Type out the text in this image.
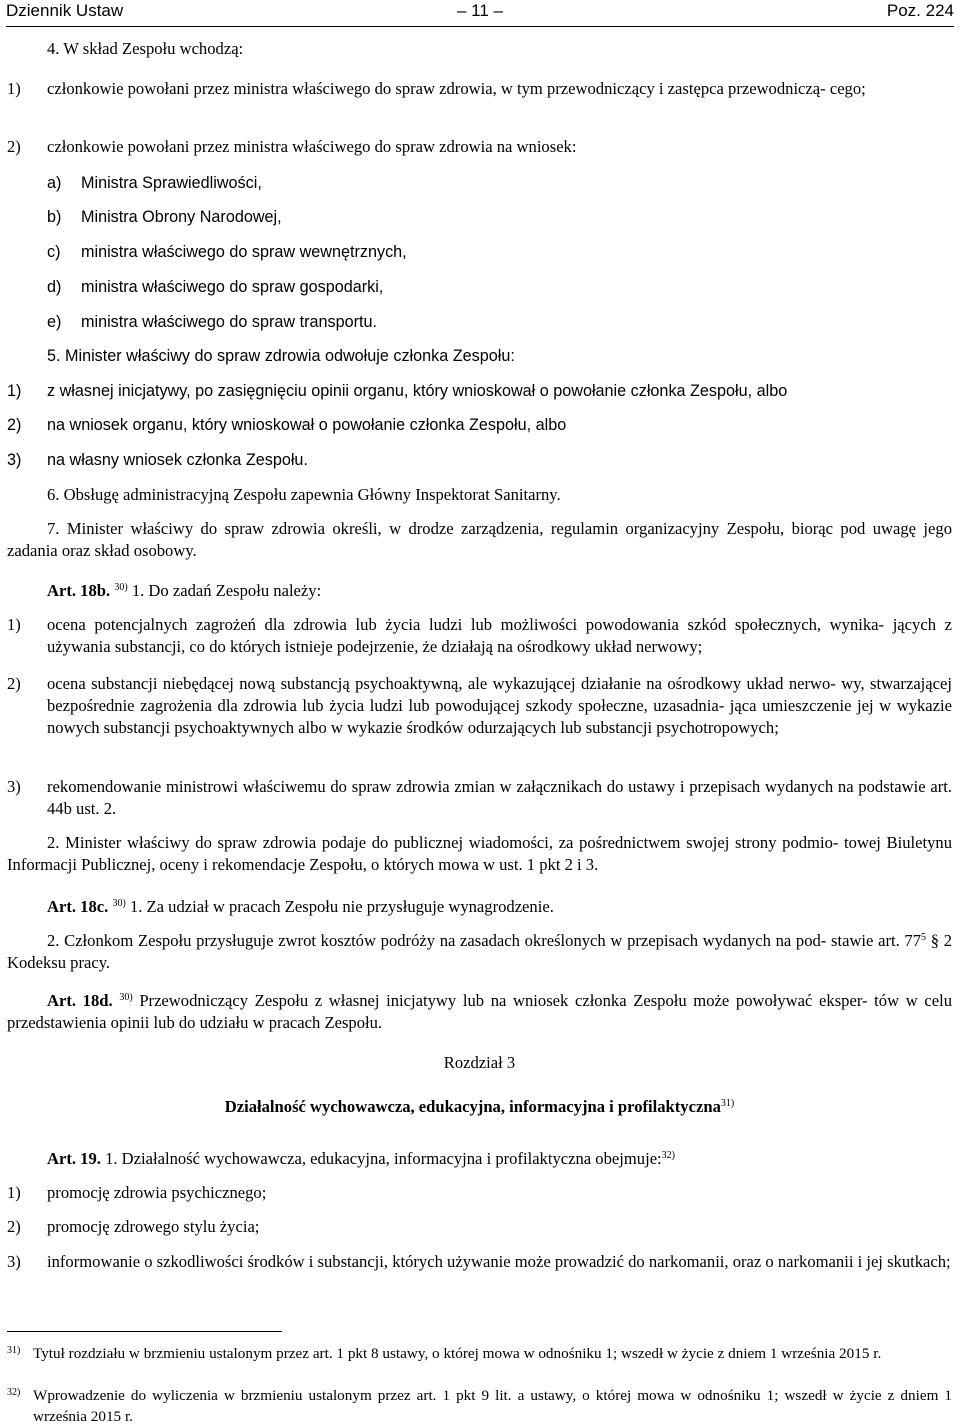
Dziennik Ustaw	– 11 –	Poz. 224
4. W skład Zespołu wchodzą:
1) członkowie powołani przez ministra właściwego do spraw zdrowia, w tym przewodniczący i zastępca przewodniczą- cego;
2) członkowie powołani przez ministra właściwego do spraw zdrowia na wniosek:
a) Ministra Sprawiedliwości,
b) Ministra Obrony Narodowej,
c) ministra właściwego do spraw wewnętrznych,
d) ministra właściwego do spraw gospodarki,
e) ministra właściwego do spraw transportu.
5. Minister właściwy do spraw zdrowia odwołuje członka Zespołu:
1) z własnej inicjatywy, po zasięgnięciu opinii organu, który wnioskował o powołanie członka Zespołu, albo
2) na wniosek organu, który wnioskował o powołanie członka Zespołu, albo
3) na własny wniosek członka Zespołu.
6. Obsługę administracyjną Zespołu zapewnia Główny Inspektorat Sanitarny.
7. Minister właściwy do spraw zdrowia określi, w drodze zarządzenia, regulamin organizacyjny Zespołu, biorąc pod uwagę jego zadania oraz skład osobowy.
Art. 18b. $^{30)}$ 1. Do zadań Zespołu należy:
1) ocena potencjalnych zagrożeń dla zdrowia lub życia ludzi lub możliwości powodowania szkód społecznych, wynika- jących z używania substancji, co do których istnieje podejrzenie, że działają na ośrodkowy układ nerwowy;
2) ocena substancji niebędącej nową substancją psychoaktywną, ale wykazującej działanie na ośrodkowy układ nerwo- wy, stwarzającej bezpośrednie zagrożenia dla zdrowia lub życia ludzi lub powodującej szkody społeczne, uzasadnia- jąca umieszczenie jej w wykazie nowych substancji psychoaktywnych albo w wykazie środków odurzających lub substancji psychotropowych;
3) rekomendowanie ministrowi właściwemu do spraw zdrowia zmian w załącznikach do ustawy i przepisach wydanych na podstawie art. 44b ust. 2.
2. Minister właściwy do spraw zdrowia podaje do publicznej wiadomości, za pośrednictwem swojej strony podmio- towej Biuletynu Informacji Publicznej, oceny i rekomendacje Zespołu, o których mowa w ust. 1 pkt 2 i 3.
Art. 18c. $^{30)}$ 1. Za udział w pracach Zespołu nie przysługuje wynagrodzenie.
2. Członkom Zespołu przysługuje zwrot kosztów podróży na zasadach określonych w przepisach wydanych na pod- stawie art. $77^5$ § 2 Kodeksu pracy.
Art. 18d. $^{30)}$ Przewodniczący Zespołu z własnej inicjatywy lub na wniosek członka Zespołu może powoływać eksper- tów w celu przedstawienia opinii lub do udziału w pracach Zespołu.
Rozdział 3
Działalność wychowawcza, edukacyjna, informacyjna i profilaktyczna$^{31)}$
Art. 19. 1. Działalność wychowawcza, edukacyjna, informacyjna i profilaktyczna obejmuje:$^{32)}$
1) promocję zdrowia psychicznego;
2) promocję zdrowego stylu życia;
3) informowanie o szkodliwości środków i substancji, których używanie może prowadzić do narkomanii, oraz o narkomanii i jej skutkach;
31) Tytuł rozdziału w brzmieniu ustalonym przez art. 1 pkt 8 ustawy, o której mowa w odnośniku 1; wszedł w życie z dniem 1 września 2015 r.
32) Wprowadzenie do wyliczenia w brzmieniu ustalonym przez art. 1 pkt 9 lit. a ustawy, o której mowa w odnośniku 1; wszedł w życie z dniem 1 września 2015 r.
